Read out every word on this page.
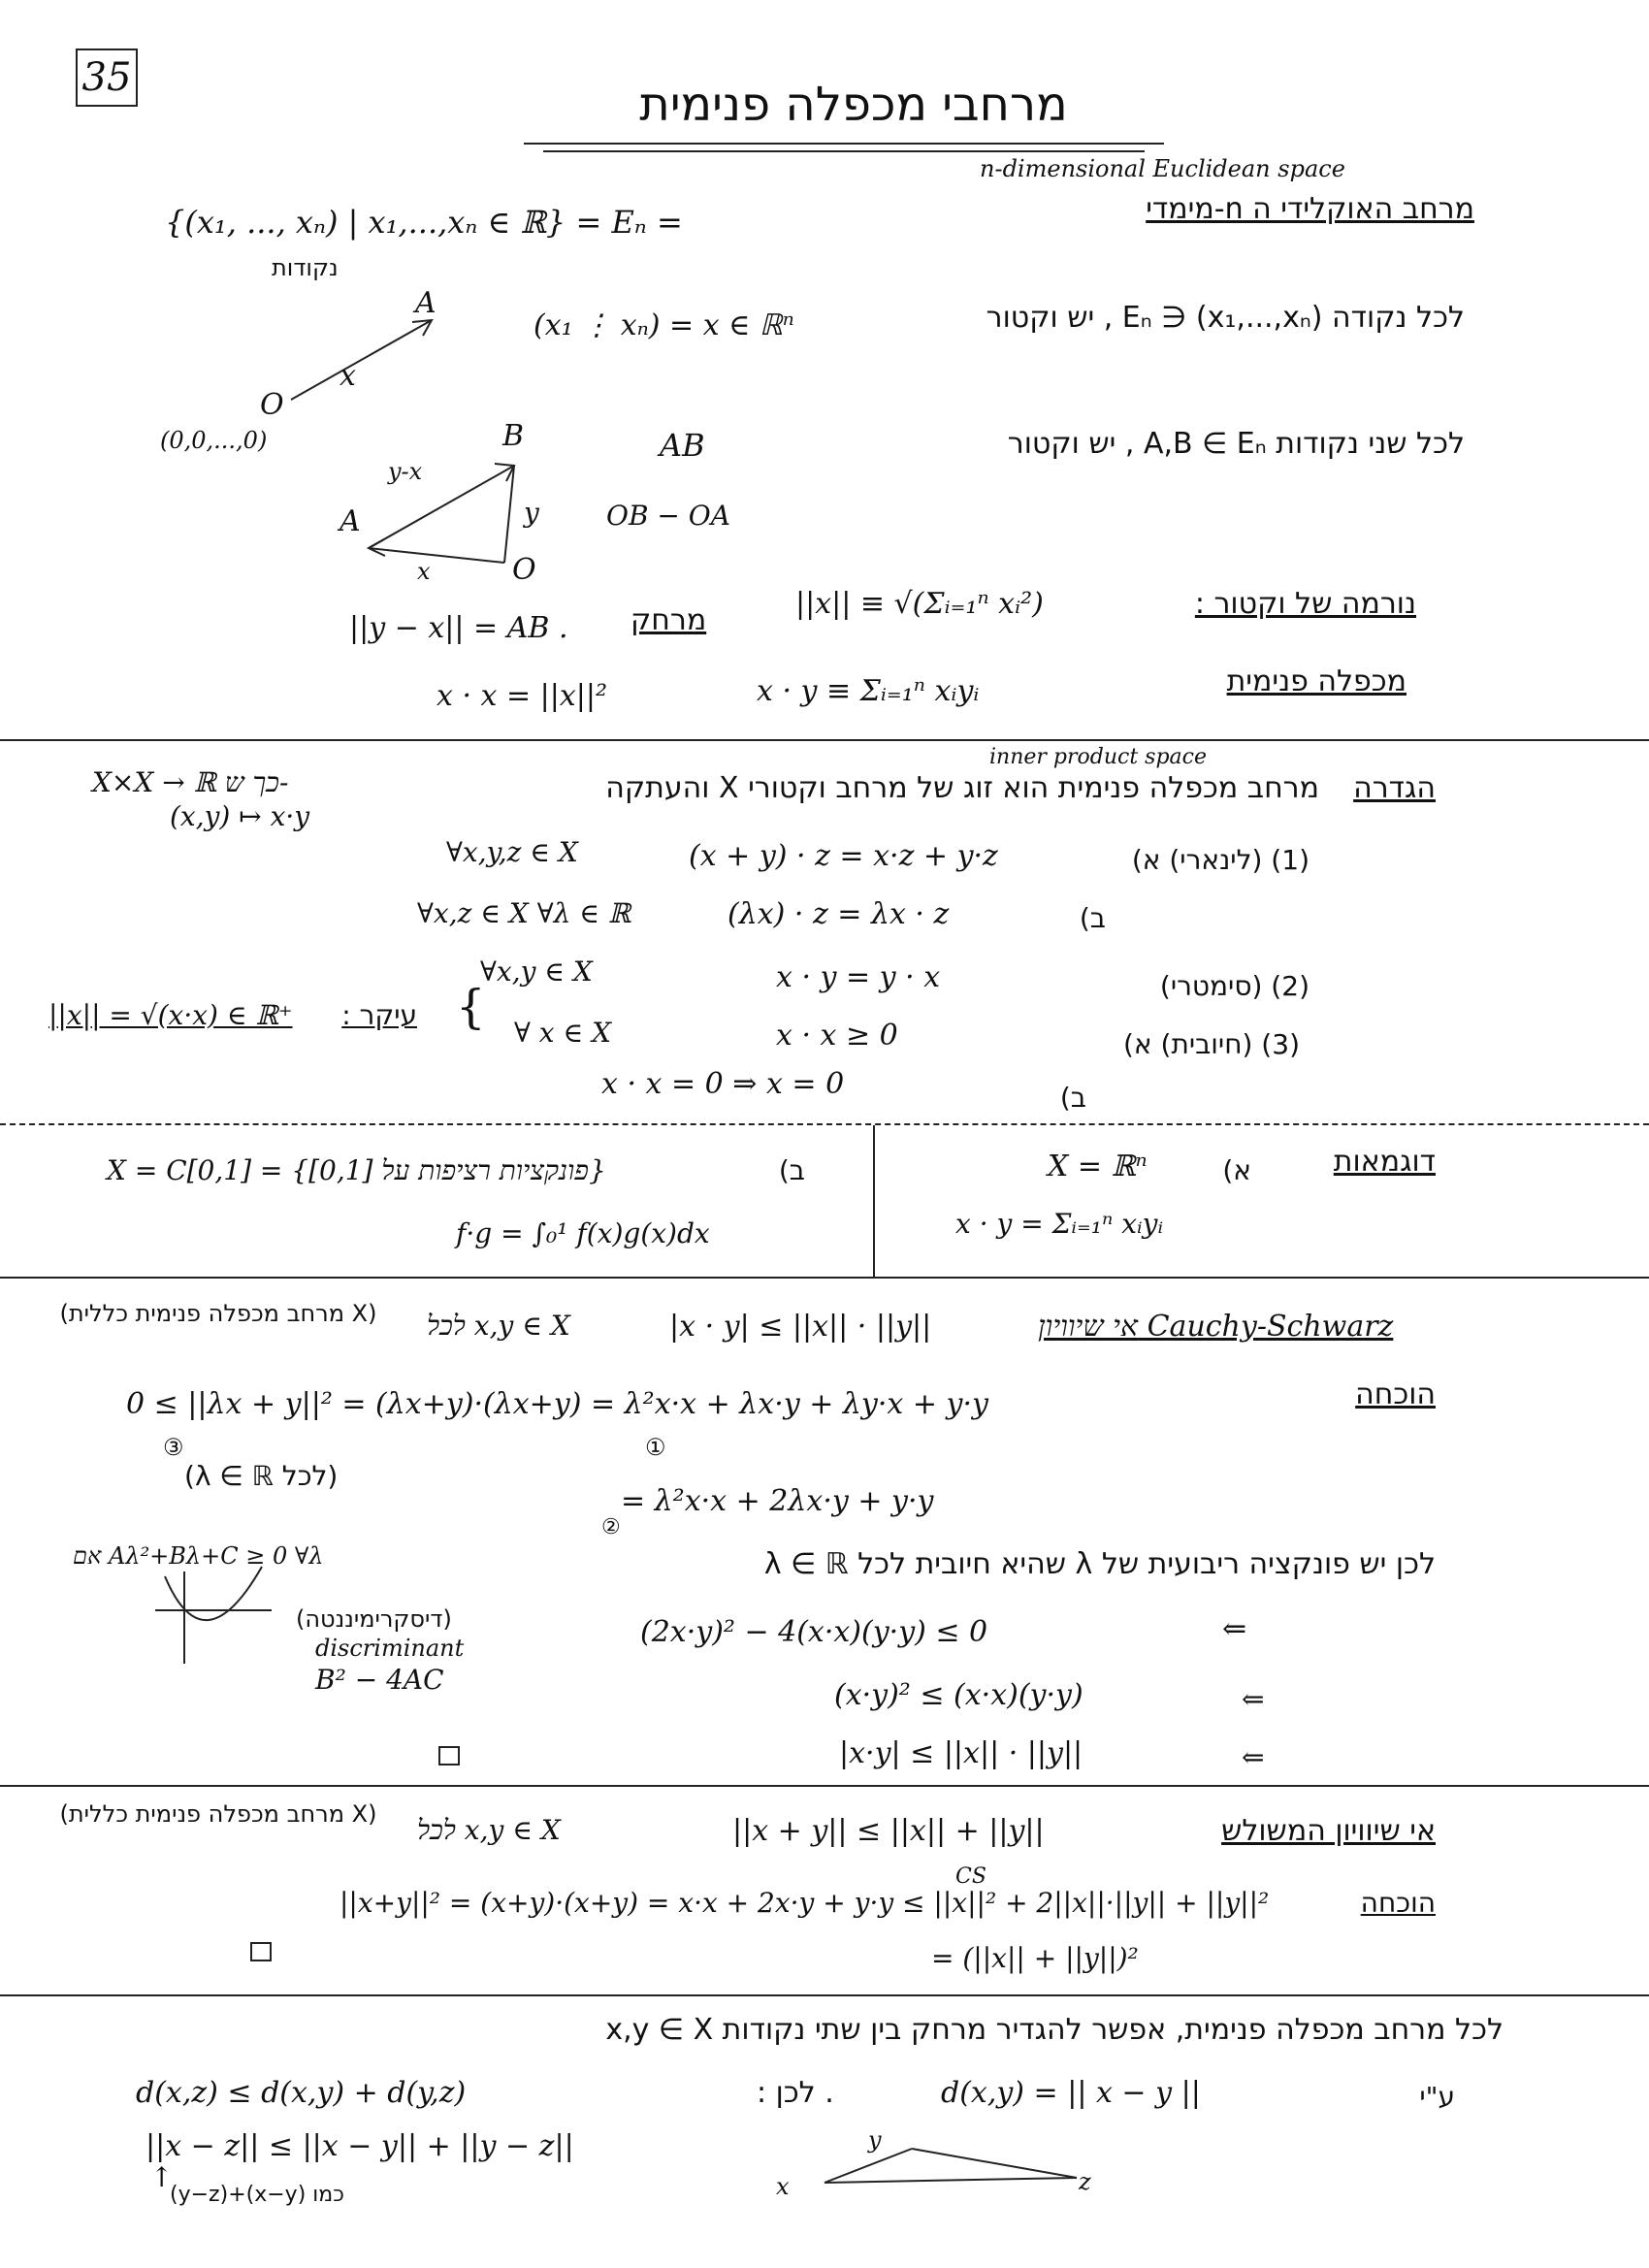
35	מרחבי מכפלה פנימית
n-dimensional Euclidean space
מרחב האוקלידי ה n-מימדי
{(x₁, ..., xₙ) | x₁,...,xₙ ∈ ℝ} = Eₙ =
נקודות
לכל נקודה (x₁,...,xₙ) ∈ Eₙ , יש וקטור
(x₁ ⋮ xₙ) = x ∈ ℝⁿ
A
O
(0,0,...,0)
x
לכל שני נקודות A,B ∈ Eₙ , יש וקטור
AB
OB − OA
B
y-x
y
A
O
x
נורמה של וקטור :
||x|| ≡ √(Σᵢ₌₁ⁿ xᵢ²)
מרחק
||y − x|| = AB .
מכפלה פנימית
x · y ≡ Σᵢ₌₁ⁿ xᵢyᵢ
x · x = ||x||²
inner product space
הגדרה
מרחב מכפלה פנימית הוא זוג של מרחב וקטורי X והעתקה
X×X → ℝ כך ש-
(x,y) ↦ x·y
(1) (לינארי) א)
(x + y) · z = x·z + y·z
∀x,y,z ∈ X
ב)
(λx) · z = λx · z
∀x,z ∈ X ∀λ ∈ ℝ
(2) (סימטרי)
x · y = y · x
∀x,y ∈ X
(3) (חיובית) א)
x · x ≥ 0
∀ x ∈ X
ב)
x · x = 0 ⇒ x = 0
עיקר :
||x|| = √(x·x) ∈ ℝ⁺	{
דוגמאות
א)
X = ℝⁿ
x · y = Σᵢ₌₁ⁿ xᵢyᵢ
ב)
X = C[0,1] = {פונקציות רציפות על [0,1]}
f·g = ∫₀¹ f(x)g(x)dx
אי שיוויון Cauchy-Schwarz
|x · y| ≤ ||x|| · ||y||
לכל x,y ∈ X
(X מרחב מכפלה פנימית כללית)
הוכחה
0 ≤ ||λx + y||² = (λx+y)·(λx+y) = λ²x·x + λx·y + λy·x + y·y
③	①
(לכל λ ∈ ℝ)
= λ²x·x + 2λx·y + y·y
②
לכן יש פונקציה ריבועית של λ שהיא חיובית לכל λ ∈ ℝ
אם Aλ²+Bλ+C ≥ 0 ∀λ
(דיסקרימיננטה)
discriminant
B² − 4AC
(2x·y)² − 4(x·x)(y·y) ≤ 0	⇐
(x·y)² ≤ (x·x)(y·y)	⇐
|x·y| ≤ ||x|| · ||y||	⇐
אי שיוויון המשולש
||x + y|| ≤ ||x|| + ||y||
לכל x,y ∈ X
(X מרחב מכפלה פנימית כללית)
הוכחה
CS
||x+y||² = (x+y)·(x+y) = x·x + 2x·y + y·y ≤ ||x||² + 2||x||·||y|| + ||y||²
= (||x|| + ||y||)²
לכל מרחב מכפלה פנימית, אפשר להגדיר מרחק בין שתי נקודות x,y ∈ X
ע"י
d(x,y) = || x − y ||
. לכן :
d(x,z) ≤ d(x,y) + d(y,z)
||x − z|| ≤ ||x − y|| + ||y − z||
כמו (x−y)+(y−z)
↑	x
y
z
